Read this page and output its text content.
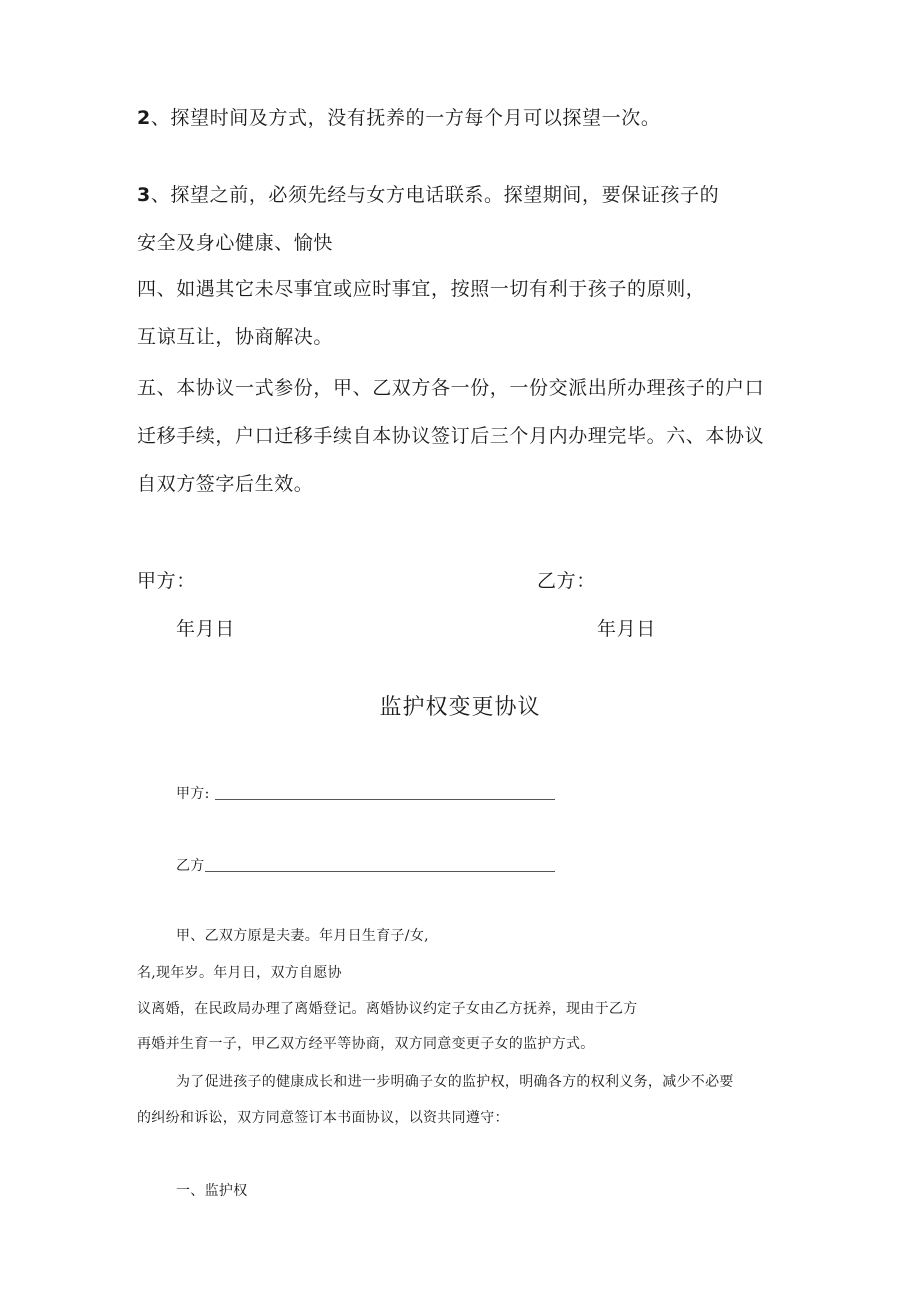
2、探望时间及方式，没有抚养的一方每个月可以探望一次。
3、探望之前，必须先经与女方电话联系。探望期间，要保证孩子的
安全及身心健康、愉快
四、如遇其它未尽事宜或应时事宜，按照一切有利于孩子的原则，
互谅互让，协商解决。
五、本协议一式参份，甲、乙双方各一份，一份交派出所办理孩子的户口
迁移手续，户口迁移手续自本协议签订后三个月内办理完毕。六、本协议
自双方签字后生效。
甲方：	乙方：
年月日	年月日
监护权变更协议
甲方:
乙方
甲、乙双方原是夫妻。年月日生育子/女,
名,现年岁。年月日，双方自愿协
议离婚，在民政局办理了离婚登记。离婚协议约定子女由乙方抚养，现由于乙方
再婚并生育一子，甲乙双方经平等协商，双方同意变更子女的监护方式。
为了促进孩子的健康成长和进一步明确子女的监护权，明确各方的权利义务，减少不必要
的纠纷和诉讼，双方同意签订本书面协议，以资共同遵守：
一、监护权
